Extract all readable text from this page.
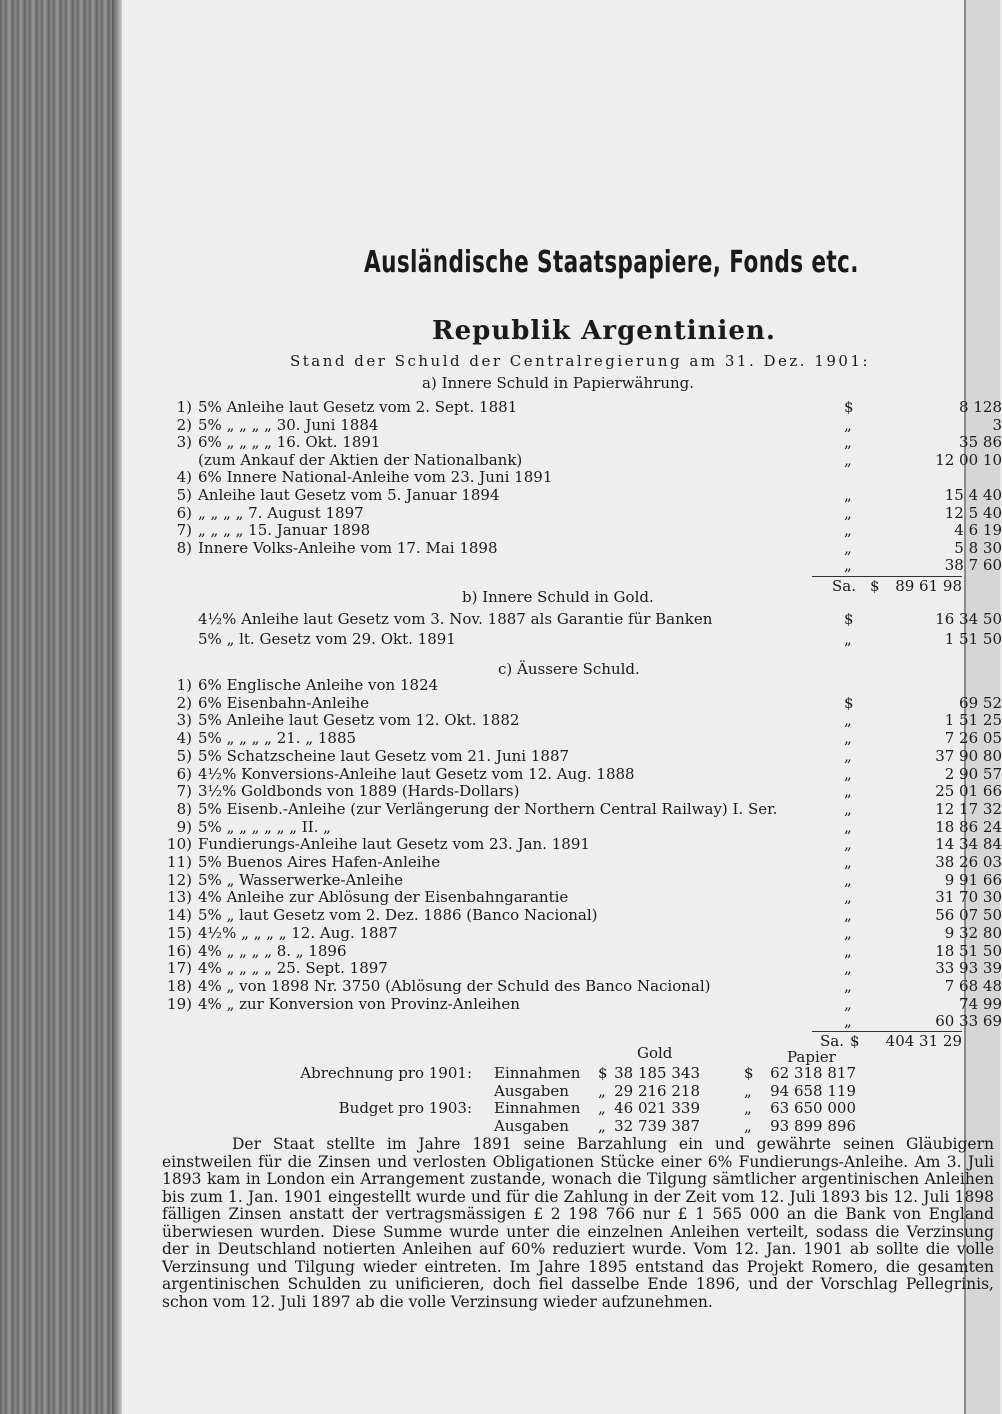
Ausländische Staatspapiere, Fonds etc.
Republik Argentinien.
Stand der Schuld der Centralregierung am 31. Dez. 1901:
a) Innere Schuld in Papierwährung.
1) 5% Anleihe laut Gesetz vom 2. Sept. 1881	$	8 128
2) 5% „ „ „ „ 30. Juni 1884	„	3
3) 6% „ „ „ „ 16. Okt. 1891	„	35 86
(zum Ankauf der Aktien der Nationalbank)	„	12 00 10
4) 6% Innere National-Anleihe vom 23. Juni 1891
5) Anleihe laut Gesetz vom 5. Januar 1894	„	15 4 40
6) „ „ „ „ 7. August 1897	„	12 5 40
7) „ „ „ „ 15. Januar 1898	„	4 6 19
8) Innere Volks-Anleihe vom 17. Mai 1898	„	5 8 30
„	38 7 60
Sa. $	89 61 98
b) Innere Schuld in Gold.
4½% Anleihe laut Gesetz vom 3. Nov. 1887 als Garantie für Banken	$	16 34 50
5% „ lt. Gesetz vom 29. Okt. 1891	„	1 51 50
c) Äussere Schuld.
1) 6% Englische Anleihe von 1824
2) 6% Eisenbahn-Anleihe	$	69 52
3) 5% Anleihe laut Gesetz vom 12. Okt. 1882	„	1 51 25
4) 5% „ „ „ „ 21. „ 1885	„	7 26 05
5) 5% Schatzscheine laut Gesetz vom 21. Juni 1887	„	37 90 80
6) 4½% Konversions-Anleihe laut Gesetz vom 12. Aug. 1888	„	2 90 57
7) 3½% Goldbonds von 1889 (Hards-Dollars)	„	25 01 66
8) 5% Eisenb.-Anleihe (zur Verlängerung der Northern Central Railway) I. Ser.	„	12 17 32
9) 5% „ „ „ „ „ „ II. „	„	18 86 24
10) Fundierungs-Anleihe laut Gesetz vom 23. Jan. 1891	„	14 34 84
11) 5% Buenos Aires Hafen-Anleihe	„	38 26 03
12) 5% „ Wasserwerke-Anleihe	„	9 91 66
13) 4% Anleihe zur Ablösung der Eisenbahngarantie	„	31 70 30
14) 5% „ laut Gesetz vom 2. Dez. 1886 (Banco Nacional)	„	56 07 50
15) 4½% „ „ „ „ 12. Aug. 1887	„	9 32 80
16) 4% „ „ „ „ 8. „ 1896	„	18 51 50
17) 4% „ „ „ „ 25. Sept. 1897	„	33 93 39
18) 4% „ von 1898 Nr. 3750 (Ablösung der Schuld des Banco Nacional)	„	7 68 48
19) 4% „ zur Konversion von Provinz-Anleihen	„	74 99
„	60 33 69
Sa. $	404 31 29
Gold	Papier
Abrechnung pro 1901: Einnahmen	$ 38 185 343	$	62 318 817
Ausgaben	„ 29 216 218	„	94 658 119
Budget pro 1903: Einnahmen	„ 46 021 339	„	63 650 000
Ausgaben	„ 32 739 387	„	93 899 896

Der Staat stellte im Jahre 1891 seine Barzahlung ein und gewährte seinen Gläubigern einstweilen für die Zinsen und verlosten Obligationen Stücke einer 6% Fundierungs-Anleihe. Am 3. Juli 1893 kam in London ein Arrangement zustande, wonach die Tilgung sämtlicher argentinischen Anleihen bis zum 1. Jan. 1901 eingestellt wurde und für die Zahlung in der Zeit vom 12. Juli 1893 bis 12. Juli 1898 fälligen Zinsen anstatt der vertragsmässigen £ 2 198 766 nur £ 1 565 000 an die Bank von England überwiesen wurden. Diese Summe wurde unter die einzelnen Anleihen verteilt, sodass die Verzinsung der in Deutschland notierten Anleihen auf 60% reduziert wurde. Vom 12. Jan. 1901 ab sollte die volle Verzinsung und Tilgung wieder eintreten. Im Jahre 1895 entstand das Projekt Romero, die gesamten argentinischen Schulden zu unificieren, doch fiel dasselbe Ende 1896, und der Vorschlag Pellegrinis, schon vom 12. Juli 1897 ab die volle Verzinsung wieder aufzunehmen.
